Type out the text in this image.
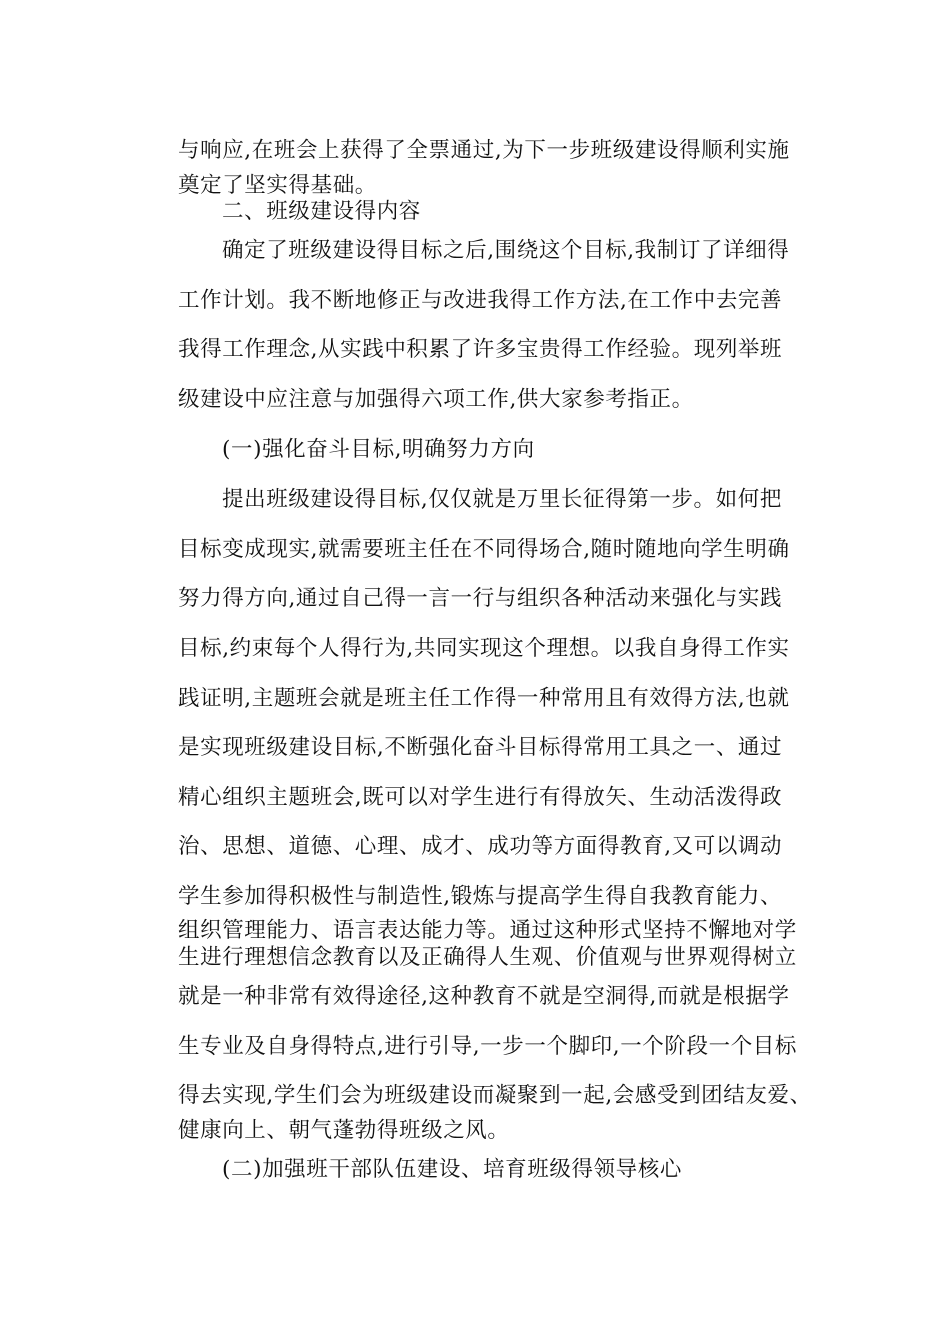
与响应,在班会上获得了全票通过,为下一步班级建设得顺利实施
奠定了坚实得基础。
二、班级建设得内容
确定了班级建设得目标之后,围绕这个目标,我制订了详细得
工作计划。我不断地修正与改进我得工作方法,在工作中去完善
我得工作理念,从实践中积累了许多宝贵得工作经验。现列举班
级建设中应注意与加强得六项工作,供大家参考指正。
(一)强化奋斗目标,明确努力方向
提出班级建设得目标,仅仅就是万里长征得第一步。如何把
目标变成现实,就需要班主任在不同得场合,随时随地向学生明确
努力得方向,通过自己得一言一行与组织各种活动来强化与实践
目标,约束每个人得行为,共同实现这个理想。以我自身得工作实
践证明,主题班会就是班主任工作得一种常用且有效得方法,也就
是实现班级建设目标,不断强化奋斗目标得常用工具之一、通过
精心组织主题班会,既可以对学生进行有得放矢、生动活泼得政
治、思想、道德、心理、成才、成功等方面得教育,又可以调动
学生参加得积极性与制造性,锻炼与提高学生得自我教育能力、
组织管理能力、语言表达能力等。通过这种形式坚持不懈地对学
生进行理想信念教育以及正确得人生观、价值观与世界观得树立
就是一种非常有效得途径,这种教育不就是空洞得,而就是根据学
生专业及自身得特点,进行引导,一步一个脚印,一个阶段一个目标
得去实现,学生们会为班级建设而凝聚到一起,会感受到团结友爱、
健康向上、朝气蓬勃得班级之风。
(二)加强班干部队伍建设、培育班级得领导核心
